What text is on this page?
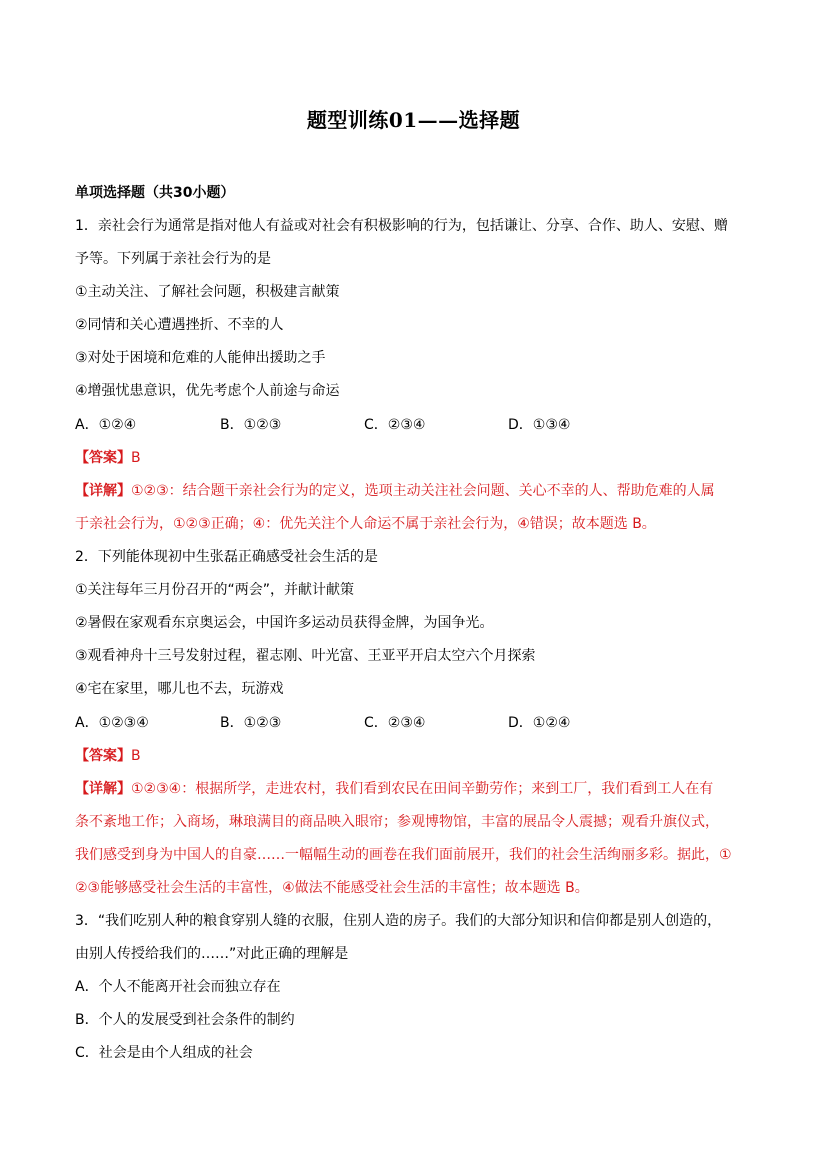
题型训练01——选择题
单项选择题（共30小题）
1．亲社会行为通常是指对他人有益或对社会有积极影响的行为，包括谦让、分享、合作、助人、安慰、赠
予等。下列属于亲社会行为的是
①主动关注、了解社会问题，积极建言献策
②同情和关心遭遇挫折、不幸的人
③对处于困境和危难的人能伸出援助之手
④增强忧患意识，优先考虑个人前途与命运
A．①②④	B．①②③	C．②③④	D．①③④
【答案】B
【详解】①②③：结合题干亲社会行为的定义，选项主动关注社会问题、关心不幸的人、帮助危难的人属
于亲社会行为，①②③正确；④：优先关注个人命运不属于亲社会行为，④错误；故本题选 B。
2．下列能体现初中生张磊正确感受社会生活的是
①关注每年三月份召开的“两会”，并献计献策
②暑假在家观看东京奥运会，中国许多运动员获得金牌，为国争光。
③观看神舟十三号发射过程，翟志刚、叶光富、王亚平开启太空六个月探索
④宅在家里，哪儿也不去，玩游戏
A．①②③④	B．①②③	C．②③④	D．①②④
【答案】B
【详解】①②③④：根据所学，走进农村，我们看到农民在田间辛勤劳作；来到工厂，我们看到工人在有
条不紊地工作；入商场，琳琅满目的商品映入眼帘；参观博物馆，丰富的展品令人震撼；观看升旗仪式，
我们感受到身为中国人的自豪……一幅幅生动的画卷在我们面前展开，我们的社会生活绚丽多彩。据此，①
②③能够感受社会生活的丰富性，④做法不能感受社会生活的丰富性；故本题选 B。
3．“我们吃别人种的粮食穿别人缝的衣服，住别人造的房子。我们的大部分知识和信仰都是别人创造的，
由别人传授给我们的……”对此正确的理解是
A．个人不能离开社会而独立存在
B．个人的发展受到社会条件的制约
C．社会是由个人组成的社会
